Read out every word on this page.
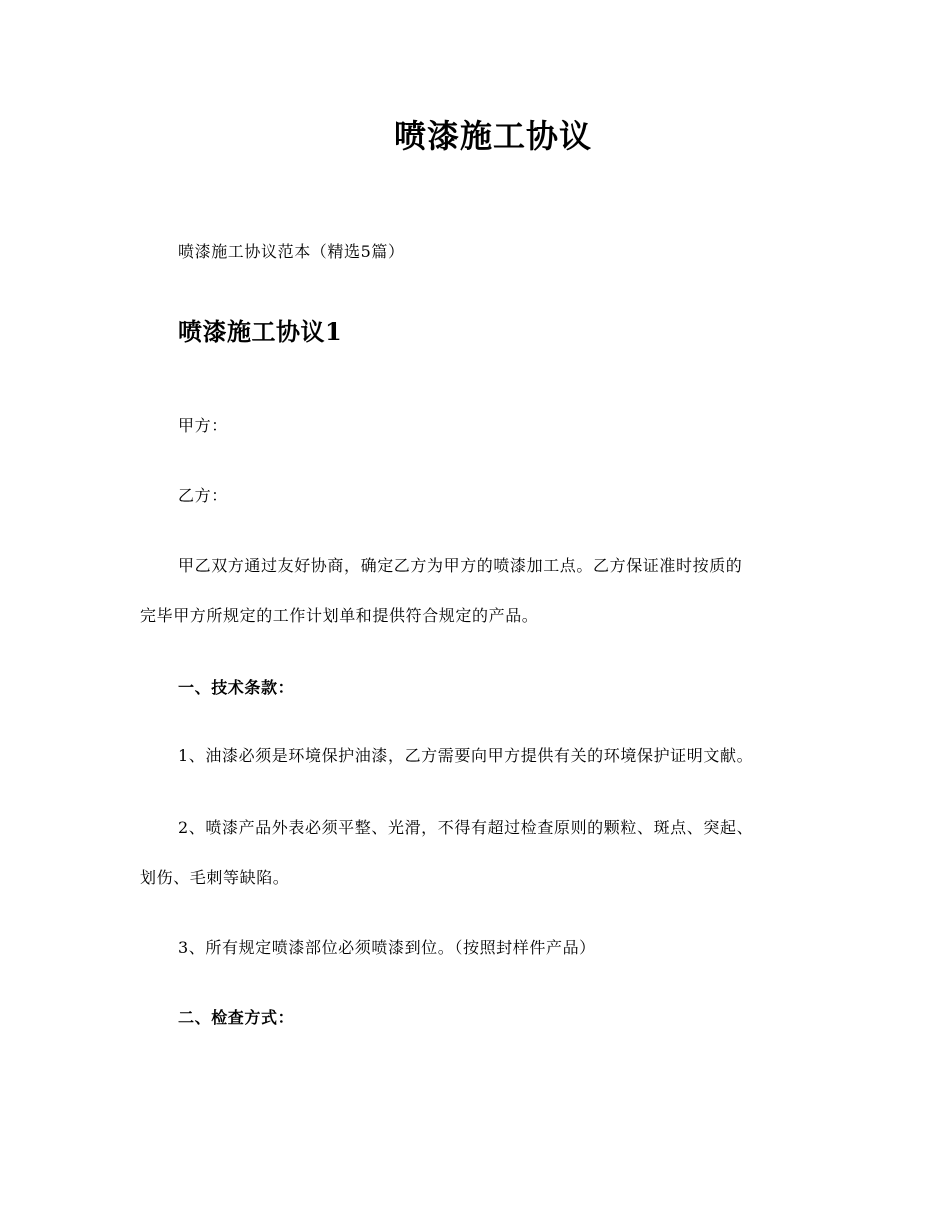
喷漆施工协议
喷漆施工协议范本（精选5篇）
喷漆施工协议1
甲方：
乙方：
甲乙双方通过友好协商，确定乙方为甲方的喷漆加工点。乙方保证准时按质的
完毕甲方所规定的工作计划单和提供符合规定的产品。
一、技术条款：
1、油漆必须是环境保护油漆，乙方需要向甲方提供有关的环境保护证明文献。
2、喷漆产品外表必须平整、光滑，不得有超过检查原则的颗粒、斑点、突起、
划伤、毛刺等缺陷。
3、所有规定喷漆部位必须喷漆到位。（按照封样件产品）
二、检查方式：
